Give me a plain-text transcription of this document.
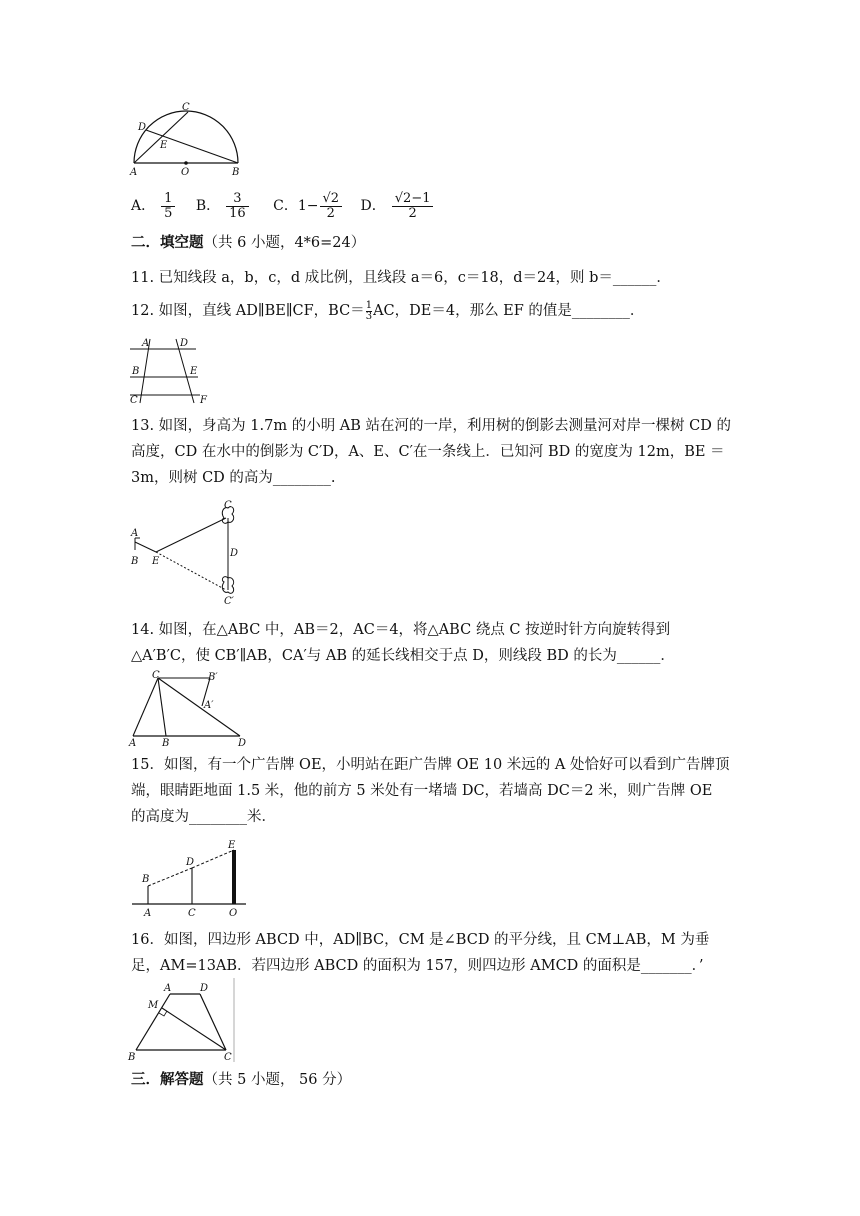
C
D
E
A	O	B
A． $\frac{1}{5}$ B． $\frac{3}{16}$ C．$1- \frac{√2}{2}$ D． $\frac{√2-1}{2}$
二．填空题（共 6 小题，4*6=24）
11. 已知线段 a，b，c，d 成比例，且线段 a＝6，c＝18，d＝24，则 b＝______．
12. 如图，直线 AD∥BE∥CF，$BC= \frac{1}{3}$ AC，DE＝4，那么 EF 的值是________．
A	D
B	E
C	F
13. 如图，身高为 1.7m 的小明 AB 站在河的一岸，利用树的倒影去测量河对岸一棵树 CD 的高度，CD 在水中的倒影为 C′D，A、E、C′在一条线上．已知河 BD 的宽度为 12m，BE ＝3m，则树 CD 的高为________.
A
B E
C
D
C′
14. 如图，在△ABC 中，AB＝2，AC＝4，将△ABC 绕点 C 按逆时针方向旋转得到△A′B′C，使 CB′∥AB，CA′与 AB 的延长线相交于点 D，则线段 BD 的长为______．
C	B′
A′
A	B	D
15．如图，有一个广告牌 OE，小明站在距广告牌 OE 10 米远的 A 处恰好可以看到广告牌顶端，眼睛距地面 1.5 米，他的前方 5 米处有一堵墙 DC，若墙高 DC＝2 米，则广告牌 OE 的高度为________米．
E
D
B
A	C	O
16．如图，四边形 ABCD 中，AD∥BC，CM 是∠BCD 的平分线，且 CM⊥AB，M 为垂足，AM=13AB．若四边形 ABCD 的面积为 157，则四边形 AMCD 的面积是_______．’
A	D
M
B	C
三．解答题（共 5 小题， 56 分）
